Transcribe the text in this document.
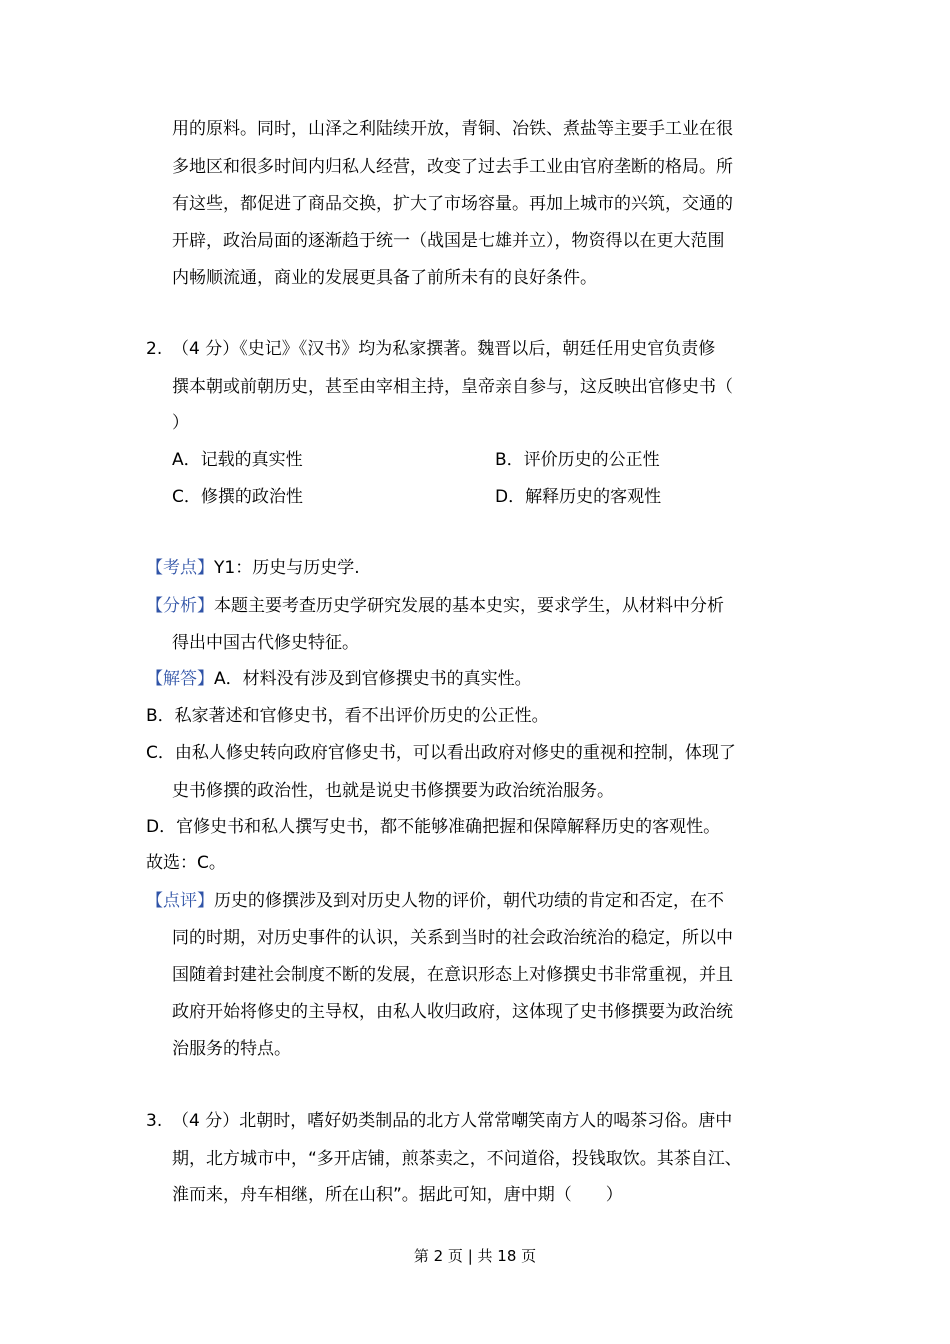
用的原料。同时，山泽之利陆续开放，青铜、冶铁、煮盐等主要手工业在很
多地区和很多时间内归私人经营，改变了过去手工业由官府垄断的格局。所
有这些，都促进了商品交换，扩大了市场容量。再加上城市的兴筑，交通的
开辟，政治局面的逐渐趋于统一（战国是七雄并立），物资得以在更大范围
内畅顺流通，商业的发展更具备了前所未有的良好条件。
2. （4 分）《史记》《汉书》均为私家撰著。魏晋以后，朝廷任用史官负责修
撰本朝或前朝历史，甚至由宰相主持，皇帝亲自参与，这反映出官修史书（
）
A．记载的真实性	B．评价历史的公正性
C．修撰的政治性	D．解释历史的客观性
【考点】Y1：历史与历史学.
【分析】本题主要考查历史学研究发展的基本史实，要求学生，从材料中分析
得出中国古代修史特征。
【解答】A．材料没有涉及到官修撰史书的真实性。
B．私家著述和官修史书，看不出评价历史的公正性。
C．由私人修史转向政府官修史书，可以看出政府对修史的重视和控制，体现了
史书修撰的政治性，也就是说史书修撰要为政治统治服务。
D．官修史书和私人撰写史书，都不能够准确把握和保障解释历史的客观性。
故选：C。
【点评】历史的修撰涉及到对历史人物的评价，朝代功绩的肯定和否定，在不
同的时期，对历史事件的认识，关系到当时的社会政治统治的稳定，所以中
国随着封建社会制度不断的发展，在意识形态上对修撰史书非常重视，并且
政府开始将修史的主导权，由私人收归政府，这体现了史书修撰要为政治统
治服务的特点。
3. （4 分）北朝时，嗜好奶类制品的北方人常常嘲笑南方人的喝茶习俗。唐中
期，北方城市中，“多开店铺，煎茶卖之，不问道俗，投钱取饮。其茶自江、
淮而来，舟车相继，所在山积”。据此可知，唐中期（　　）
第 2 页 | 共 18 页
